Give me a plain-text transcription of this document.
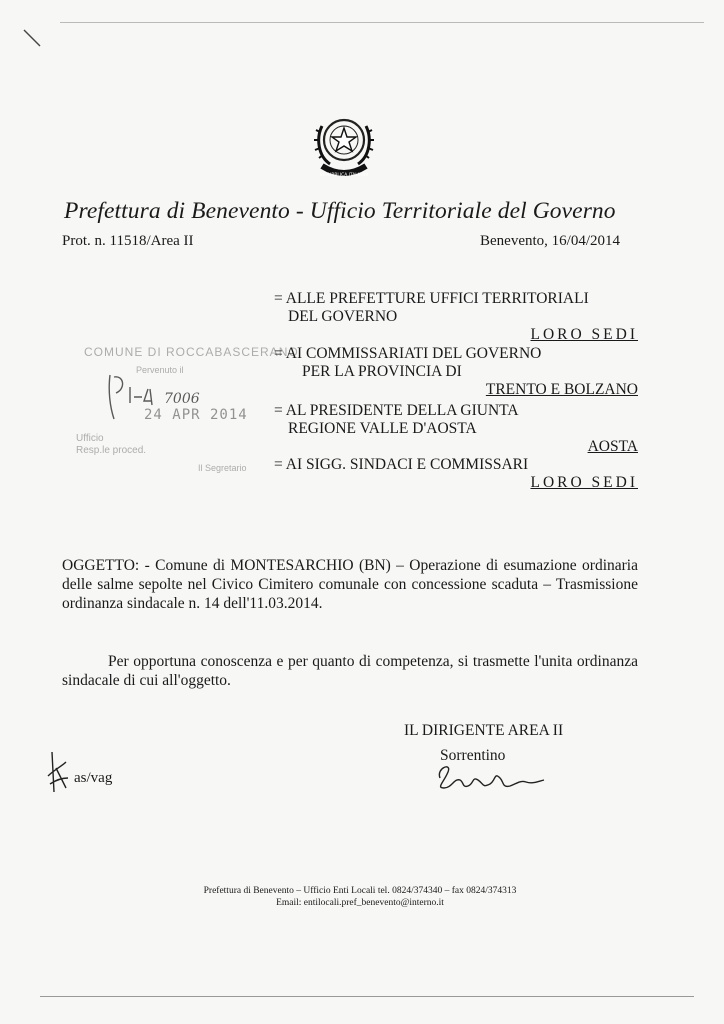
REPUBBLICA ITALIANA
Prefettura di Benevento - Ufficio Territoriale del Governo
Prot. n. 11518/Area II	Benevento, 16/04/2014
COMUNE DI ROCCABASCERANO
Pervenuto il
7006
24 APR 2014
Ufficio
Resp.le proced.
Il Segretario
= ALLE PREFETTURE UFFICI TERRITORIALI
DEL GOVERNO
LORO SEDI
= AI COMMISSARIATI DEL GOVERNO
PER LA PROVINCIA DI
TRENTO E BOLZANO
= AL PRESIDENTE DELLA GIUNTA
REGIONE VALLE D'AOSTA
AOSTA
= AI SIGG. SINDACI E COMMISSARI
LORO SEDI
OGGETTO: - Comune di MONTESARCHIO (BN) – Operazione di esumazione ordinaria delle salme sepolte nel Civico Cimitero comunale con concessione scaduta – Trasmissione ordinanza sindacale n. 14 dell'11.03.2014.
Per opportuna conoscenza e per quanto di competenza, si trasmette l'unita ordinanza sindacale di cui all'oggetto.
IL DIRIGENTE AREA II
Sorrentino
as/vag
Prefettura di Benevento – Ufficio Enti Locali tel. 0824/374340 – fax 0824/374313
Email: entilocali.pref_benevento@interno.it
